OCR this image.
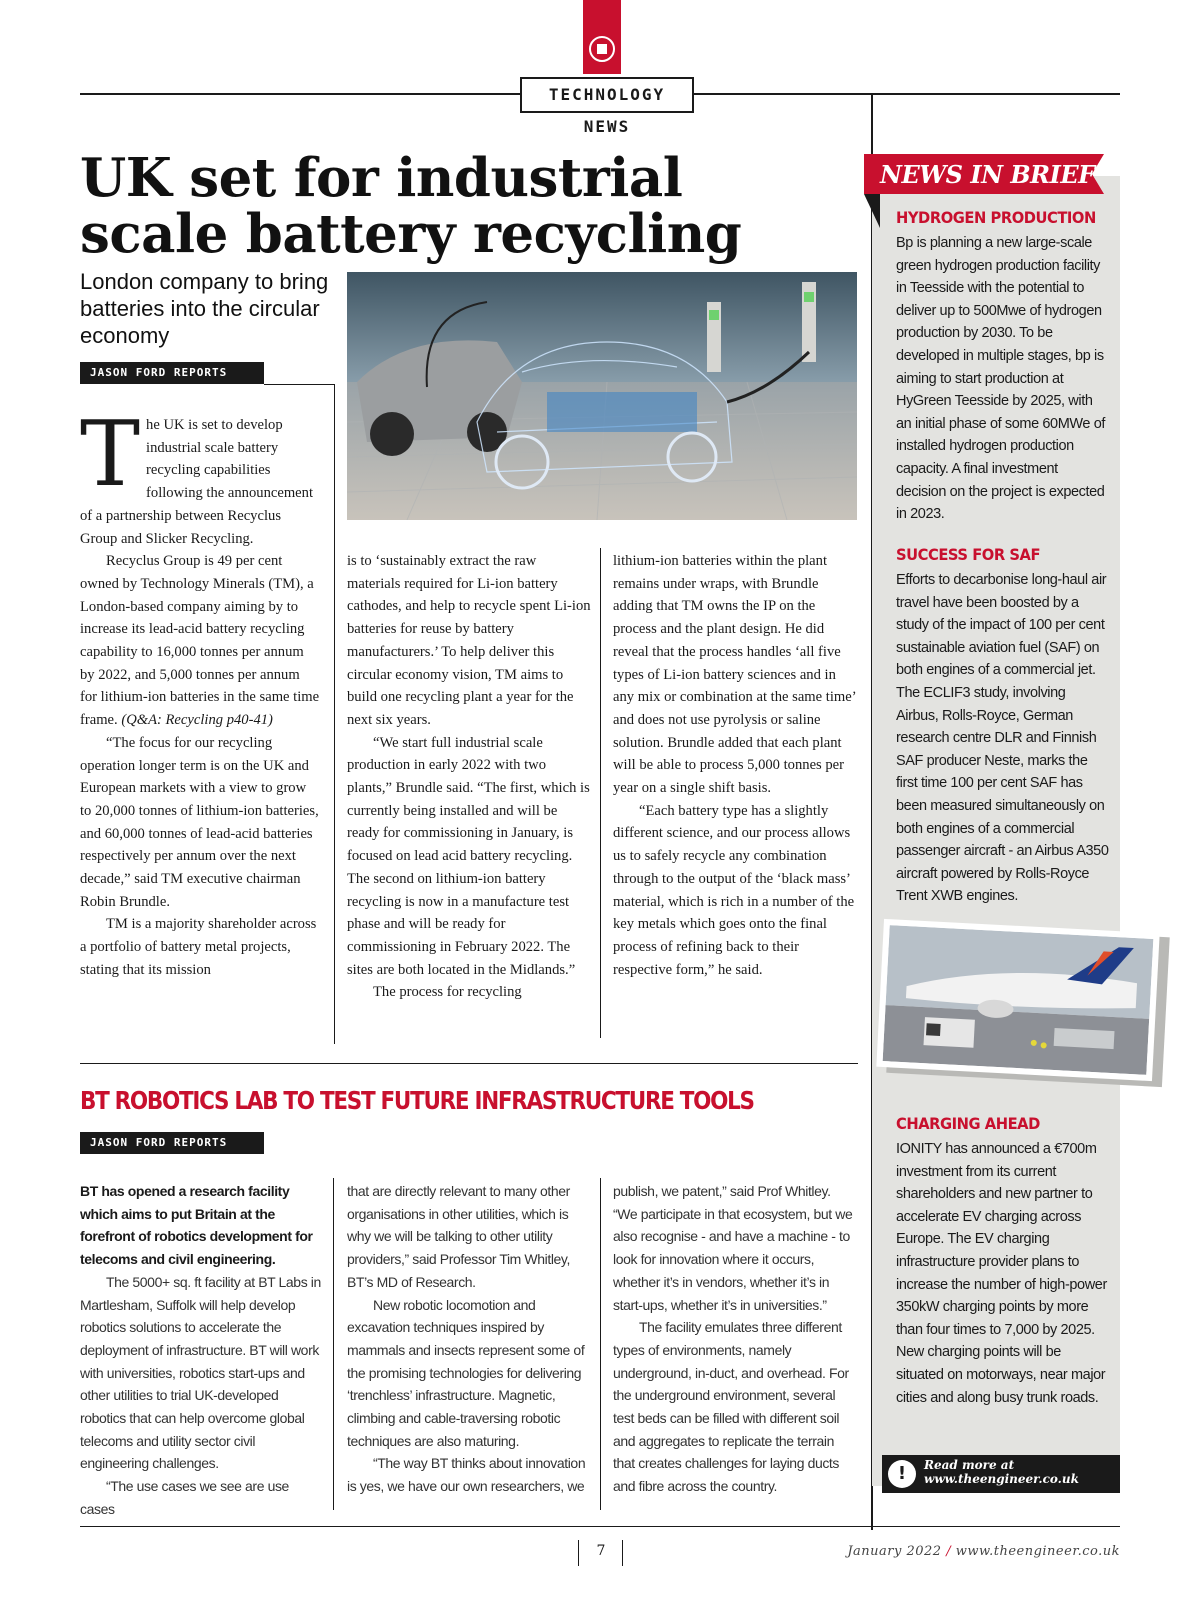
TECHNOLOGY NEWS
UK set for industrial scale battery recycling
London company to bring batteries into the circular economy
JASON FORD REPORTS

The UK is set to develop industrial scale battery recycling capabilities following the announcement of a partnership between Recyclus Group and Slicker Recycling.

Recyclus Group is 49 per cent owned by Technology Minerals (TM), a London-based company aiming by to increase its lead-acid battery recycling capability to 16,000 tonnes per annum by 2022, and 5,000 tonnes per annum for lithium-ion batteries in the same time frame. (Q&A: Recycling p40-41)

“The focus for our recycling operation longer term is on the UK and European markets with a view to grow to 20,000 tonnes of lithium-ion batteries, and 60,000 tonnes of lead-acid batteries respectively per annum over the next decade,” said TM executive chairman Robin Brundle.

TM is a majority shareholder across a portfolio of battery metal projects, stating that its mission

is to ‘sustainably extract the raw materials required for Li-ion battery cathodes, and help to recycle spent Li-ion batteries for reuse by battery manufacturers.’ To help deliver this circular economy vision, TM aims to build one recycling plant a year for the next six years.

“We start full industrial scale production in early 2022 with two plants,” Brundle said. “The first, which is currently being installed and will be ready for commissioning in January, is focused on lead acid battery recycling. The second on lithium-ion battery recycling is now in a manufacture test phase and will be ready for commissioning in February 2022. The sites are both located in the Midlands.”

The process for recycling

lithium-ion batteries within the plant remains under wraps, with Brundle adding that TM owns the IP on the process and the plant design. He did reveal that the process handles ‘all five types of Li-ion battery sciences and in any mix or combination at the same time’ and does not use pyrolysis or saline solution. Brundle added that each plant will be able to process 5,000 tonnes per year on a single shift basis.

“Each battery type has a slightly different science, and our process allows us to safely recycle any combination through to the output of the ‘black mass’ material, which is rich in a number of the key metals which goes onto the final process of refining back to their respective form,” he said.

BT ROBOTICS LAB TO TEST FUTURE INFRASTRUCTURE TOOLS
JASON FORD REPORTS

BT has opened a research facility which aims to put Britain at the forefront of robotics development for telecoms and civil engineering.

The 5000+ sq. ft facility at BT Labs in Martlesham, Suffolk will help develop robotics solutions to accelerate the deployment of infrastructure. BT will work with universities, robotics start-ups and other utilities to trial UK-developed robotics that can help overcome global telecoms and utility sector civil engineering challenges.

“The use cases we see are use cases

that are directly relevant to many other organisations in other utilities, which is why we will be talking to other utility providers,” said Professor Tim Whitley, BT’s MD of Research.

New robotic locomotion and excavation techniques inspired by mammals and insects represent some of the promising technologies for delivering ‘trenchless’ infrastructure. Magnetic, climbing and cable-traversing robotic techniques are also maturing.

“The way BT thinks about innovation is yes, we have our own researchers, we

publish, we patent,” said Prof Whitley. “We participate in that ecosystem, but we also recognise - and have a machine - to look for innovation where it occurs, whether it’s in vendors, whether it’s in start-ups, whether it’s in universities.”

The facility emulates three different types of environments, namely underground, in-duct, and overhead. For the underground environment, several test beds can be filled with different soil and aggregates to replicate the terrain that creates challenges for laying ducts and fibre across the country.

NEWS IN BRIEF
HYDROGEN PRODUCTION
Bp is planning a new large-scale green hydrogen production facility in Teesside with the potential to deliver up to 500Mwe of hydrogen production by 2030. To be developed in multiple stages, bp is aiming to start production at HyGreen Teesside by 2025, with an initial phase of some 60MWe of installed hydrogen production capacity. A final investment decision on the project is expected in 2023.
SUCCESS FOR SAF
Efforts to decarbonise long-haul air travel have been boosted by a study of the impact of 100 per cent sustainable aviation fuel (SAF) on both engines of a commercial jet. The ECLIF3 study, involving Airbus, Rolls-Royce, German research centre DLR and Finnish SAF producer Neste, marks the first time 100 per cent SAF has been measured simultaneously on both engines of a commercial passenger aircraft - an Airbus A350 aircraft powered by Rolls-Royce Trent XWB engines.
CHARGING AHEAD
IONITY has announced a €700m investment from its current shareholders and new partner to accelerate EV charging across Europe. The EV charging infrastructure provider plans to increase the number of high-power 350kW charging points by more than four times to 7,000 by 2025. New charging points will be situated on motorways, near major cities and along busy trunk roads.
!	Read more at
www.theengineer.co.uk
7	January 2022 / www.theengineer.co.uk
